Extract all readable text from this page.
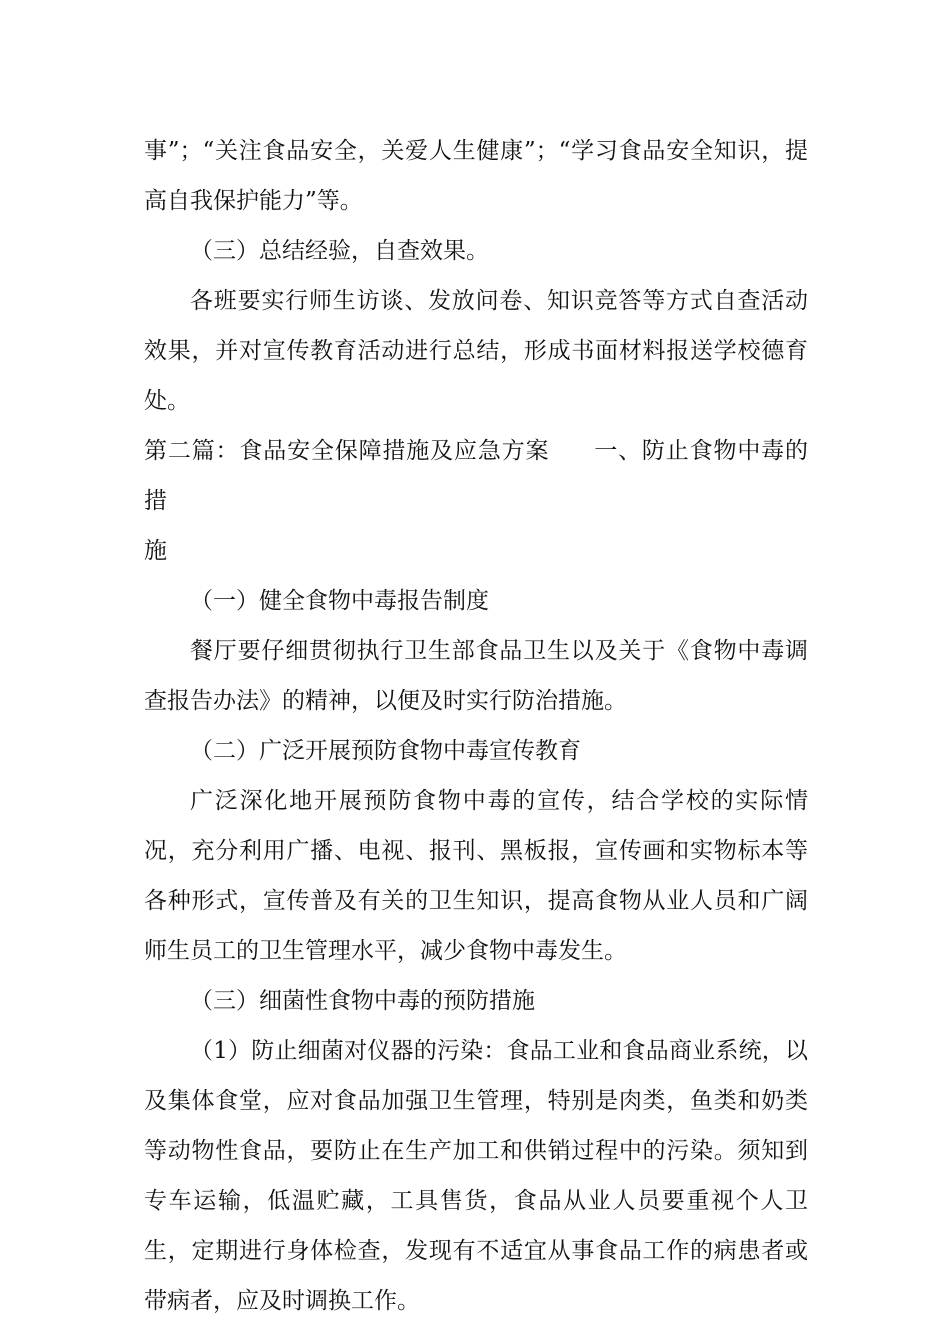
事”；“关注食品安全，关爱人生健康”；“学习食品安全知识，提高自我保护能力”等。

（三）总结经验，自查效果。

各班要实行师生访谈、发放问卷、知识竞答等方式自查活动效果，并对宣传教育活动进行总结，形成书面材料报送学校德育处。

第二篇：食品安全保障措施及应急方案 一、防止食物中毒的措
施

（一）健全食物中毒报告制度

餐厅要仔细贯彻执行卫生部食品卫生以及关于《食物中毒调查报告办法》的精神，以便及时实行防治措施。

（二）广泛开展预防食物中毒宣传教育

广泛深化地开展预防食物中毒的宣传，结合学校的实际情况，充分利用广播、电视、报刊、黑板报，宣传画和实物标本等各种形式，宣传普及有关的卫生知识，提高食物从业人员和广阔师生员工的卫生管理水平，减少食物中毒发生。

（三）细菌性食物中毒的预防措施

（1）防止细菌对仪器的污染：食品工业和食品商业系统，以及集体食堂，应对食品加强卫生管理，特别是肉类，鱼类和奶类等动物性食品，要防止在生产加工和供销过程中的污染。须知到专车运输，低温贮藏，工具售货，食品从业人员要重视个人卫生，定期进行身体检查，发现有不适宜从事食品工作的病患者或带病者，应及时调换工作。
